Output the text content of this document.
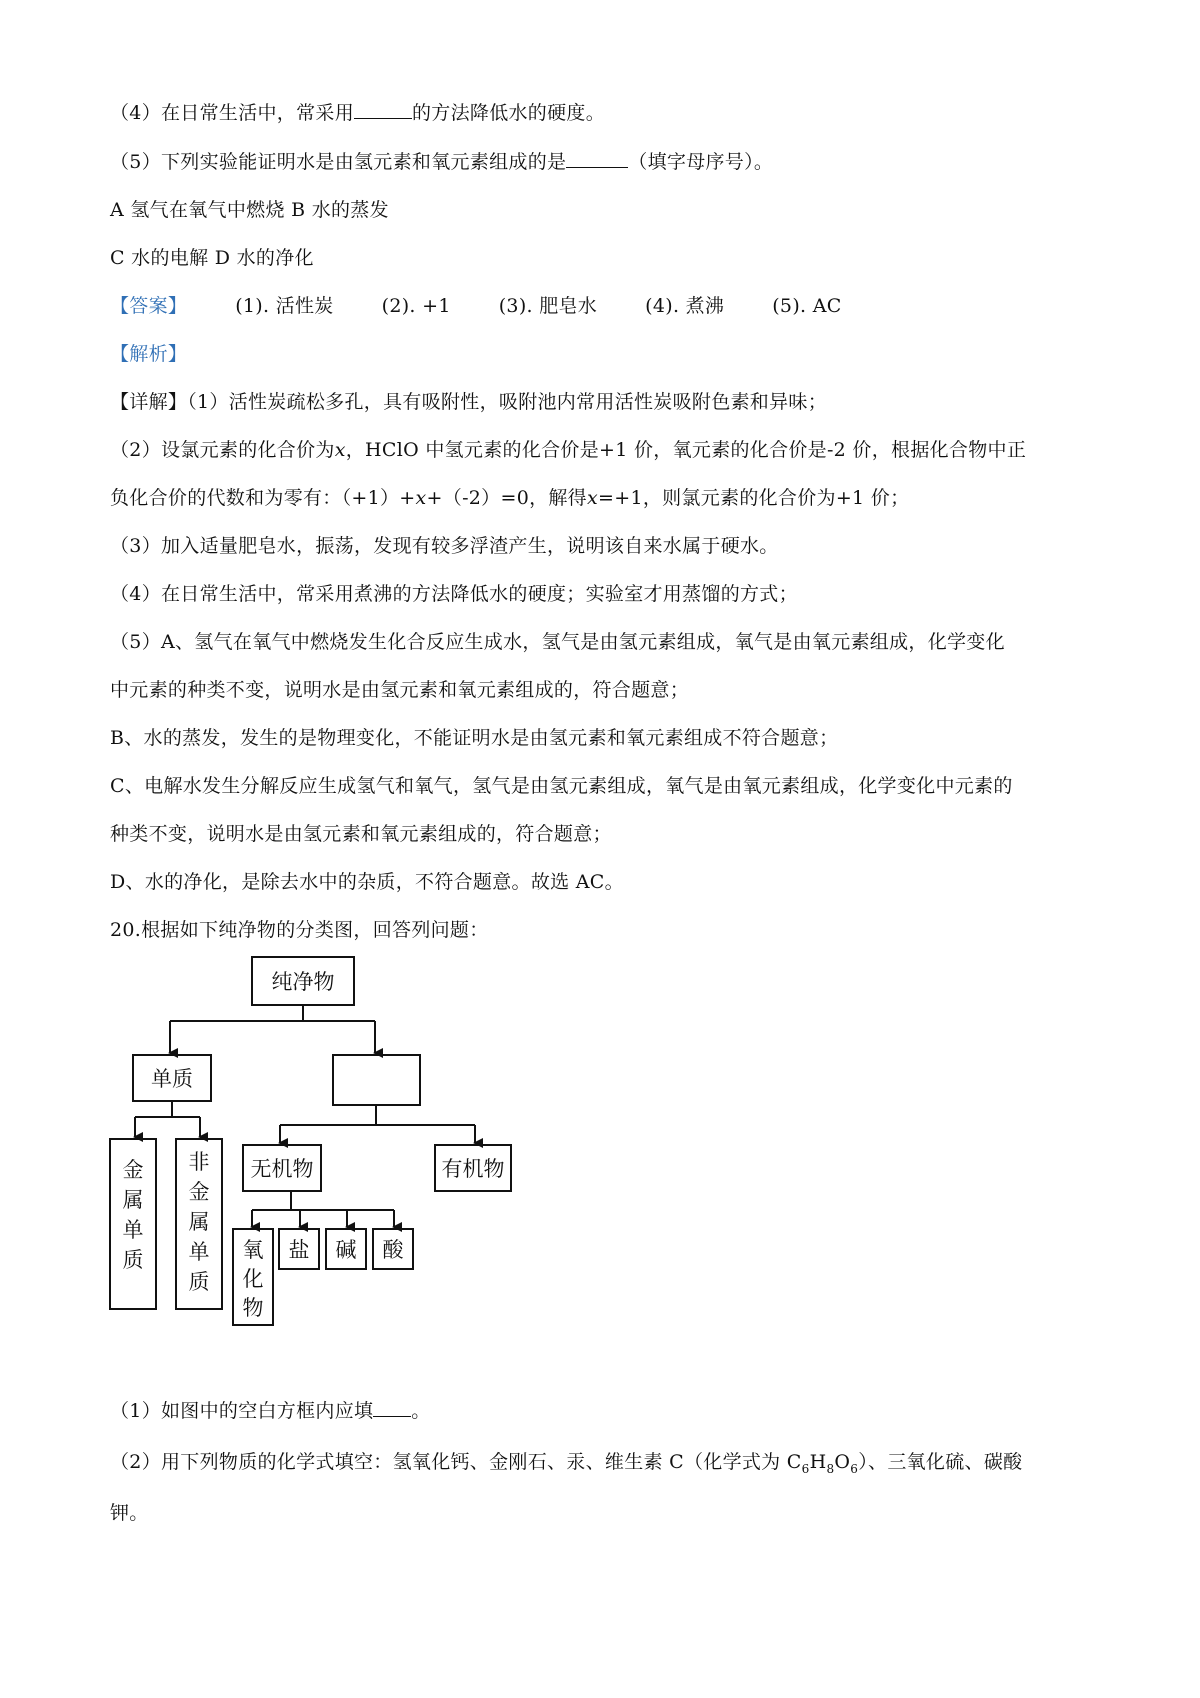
（4）在日常生活中，常采用	的方法降低水的硬度。
（5）下列实验能证明水是由氢元素和氧元素组成的是	（填字母序号）。
A 氢气在氧气中燃烧 B 水的蒸发
C 水的电解 D 水的净化
【答案】	(1). 活性炭	(2). +1	(3). 肥皂水	(4). 煮沸	(5). AC
【解析】
【详解】（1）活性炭疏松多孔，具有吸附性，吸附池内常用活性炭吸附色素和异味；
（2）设氯元素的化合价为x，HClO 中氢元素的化合价是+1 价，氧元素的化合价是-2 价，根据化合物中正
负化合价的代数和为零有：（+1）+x+（-2）=0，解得x=+1，则氯元素的化合价为+1 价；
（3）加入适量肥皂水，振荡，发现有较多浮渣产生，说明该自来水属于硬水。
（4）在日常生活中，常采用煮沸的方法降低水的硬度；实验室才用蒸馏的方式；
（5）A、氢气在氧气中燃烧发生化合反应生成水，氢气是由氢元素组成，氧气是由氧元素组成，化学变化
中元素的种类不变，说明水是由氢元素和氧元素组成的，符合题意；
B、水的蒸发，发生的是物理变化，不能证明水是由氢元素和氧元素组成不符合题意；
C、电解水发生分解反应生成氢气和氧气，氢气是由氢元素组成，氧气是由氧元素组成，化学变化中元素的
种类不变，说明水是由氢元素和氧元素组成的，符合题意；
D、水的净化，是除去水中的杂质，不符合题意。故选 AC。
20.根据如下纯净物的分类图，回答列问题：
纯净物
单质
金
属
单
质
非
金
属
单
质
无机物	有机物
氧
化
物
盐 碱 酸
（1）如图中的空白方框内应填 。
（2）用下列物质的化学式填空：氢氧化钙、金刚石、汞、维生素 C（化学式为 $C_6H_8O_6$）、三氧化硫、碳酸
钾。
